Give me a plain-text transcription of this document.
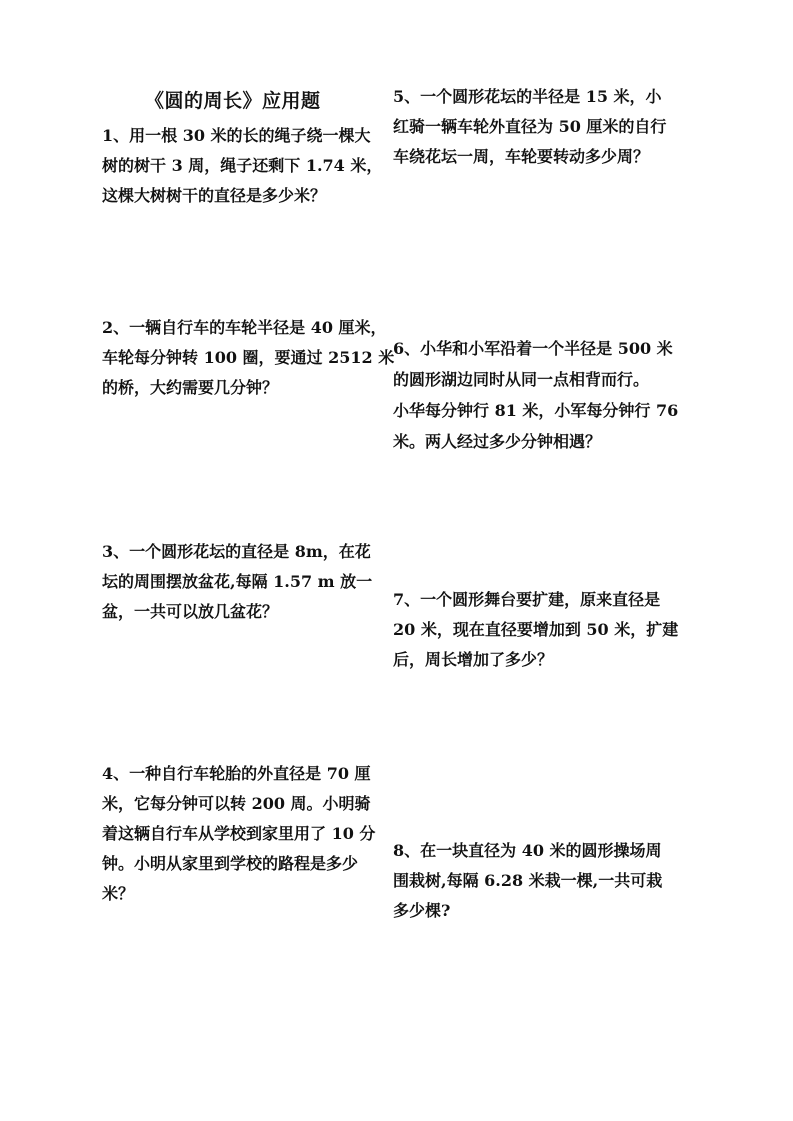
《圆的周长》应用题
1、用一根 30 米的长的绳子绕一棵大
树的树干 3 周，绳子还剩下 1.74 米，
这棵大树树干的直径是多少米？
2、一辆自行车的车轮半径是 40 厘米，
车轮每分钟转 100 圈，要通过 2512 米
的桥，大约需要几分钟？
3、一个圆形花坛的直径是 8m，在花
坛的周围摆放盆花,每隔 1.57 m 放一
盆，一共可以放几盆花？
4、一种自行车轮胎的外直径是 70 厘
米，它每分钟可以转 200 周。小明骑
着这辆自行车从学校到家里用了 10 分
钟。小明从家里到学校的路程是多少
米？
5、一个圆形花坛的半径是 15 米，小
红骑一辆车轮外直径为 50 厘米的自行
车绕花坛一周，车轮要转动多少周？
6、小华和小军沿着一个半径是 500 米
的圆形湖边同时从同一点相背而行。
小华每分钟行 81 米，小军每分钟行 76
米。两人经过多少分钟相遇？
7、一个圆形舞台要扩建，原来直径是
20 米，现在直径要增加到 50 米，扩建
后，周长增加了多少？
8、在一块直径为 40 米的圆形操场周
围栽树,每隔 6.28 米栽一棵,一共可栽
多少棵?
